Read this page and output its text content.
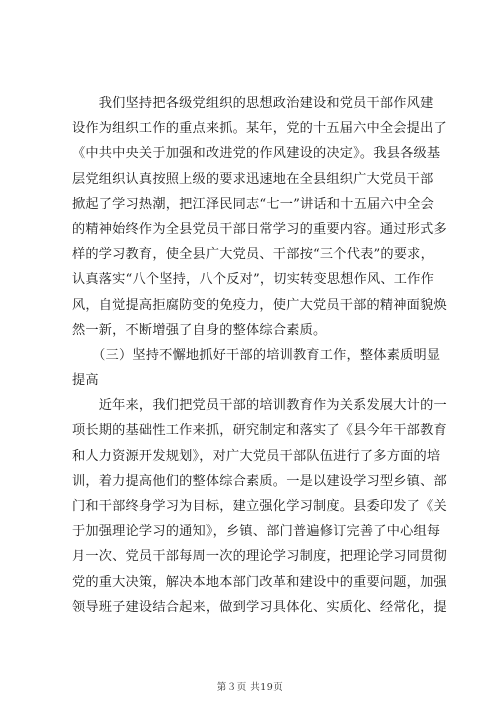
　　我们坚持把各级党组织的思想政治建设和党员干部作风建
设作为组织工作的重点来抓。某年，党的十五届六中全会提出了
《中共中央关于加强和改进党的作风建设的决定》。我县各级基
层党组织认真按照上级的要求迅速地在全县组织广大党员干部
掀起了学习热潮，把江泽民同志“七一”讲话和十五届六中全会
的精神始终作为全县党员干部日常学习的重要内容。通过形式多
样的学习教育，使全县广大党员、干部按“三个代表”的要求，
认真落实“八个坚持，八个反对”，切实转变思想作风、工作作
风，自觉提高拒腐防变的免疫力，使广大党员干部的精神面貌焕
然一新，不断增强了自身的整体综合素质。
　　（三）坚持不懈地抓好干部的培训教育工作，整体素质明显
提高
　　近年来，我们把党员干部的培训教育作为关系发展大计的一
项长期的基础性工作来抓，研究制定和落实了《县今年干部教育
和人力资源开发规划》，对广大党员干部队伍进行了多方面的培
训，着力提高他们的整体综合素质。一是以建设学习型乡镇、部
门和干部终身学习为目标，建立强化学习制度。县委印发了《关
于加强理论学习的通知》，乡镇、部门普遍修订完善了中心组每
月一次、党员干部每周一次的理论学习制度，把理论学习同贯彻
党的重大决策，解决本地本部门改革和建设中的重要问题，加强
领导班子建设结合起来，做到学习具体化、实质化、经常化，提
第３页 共19页
